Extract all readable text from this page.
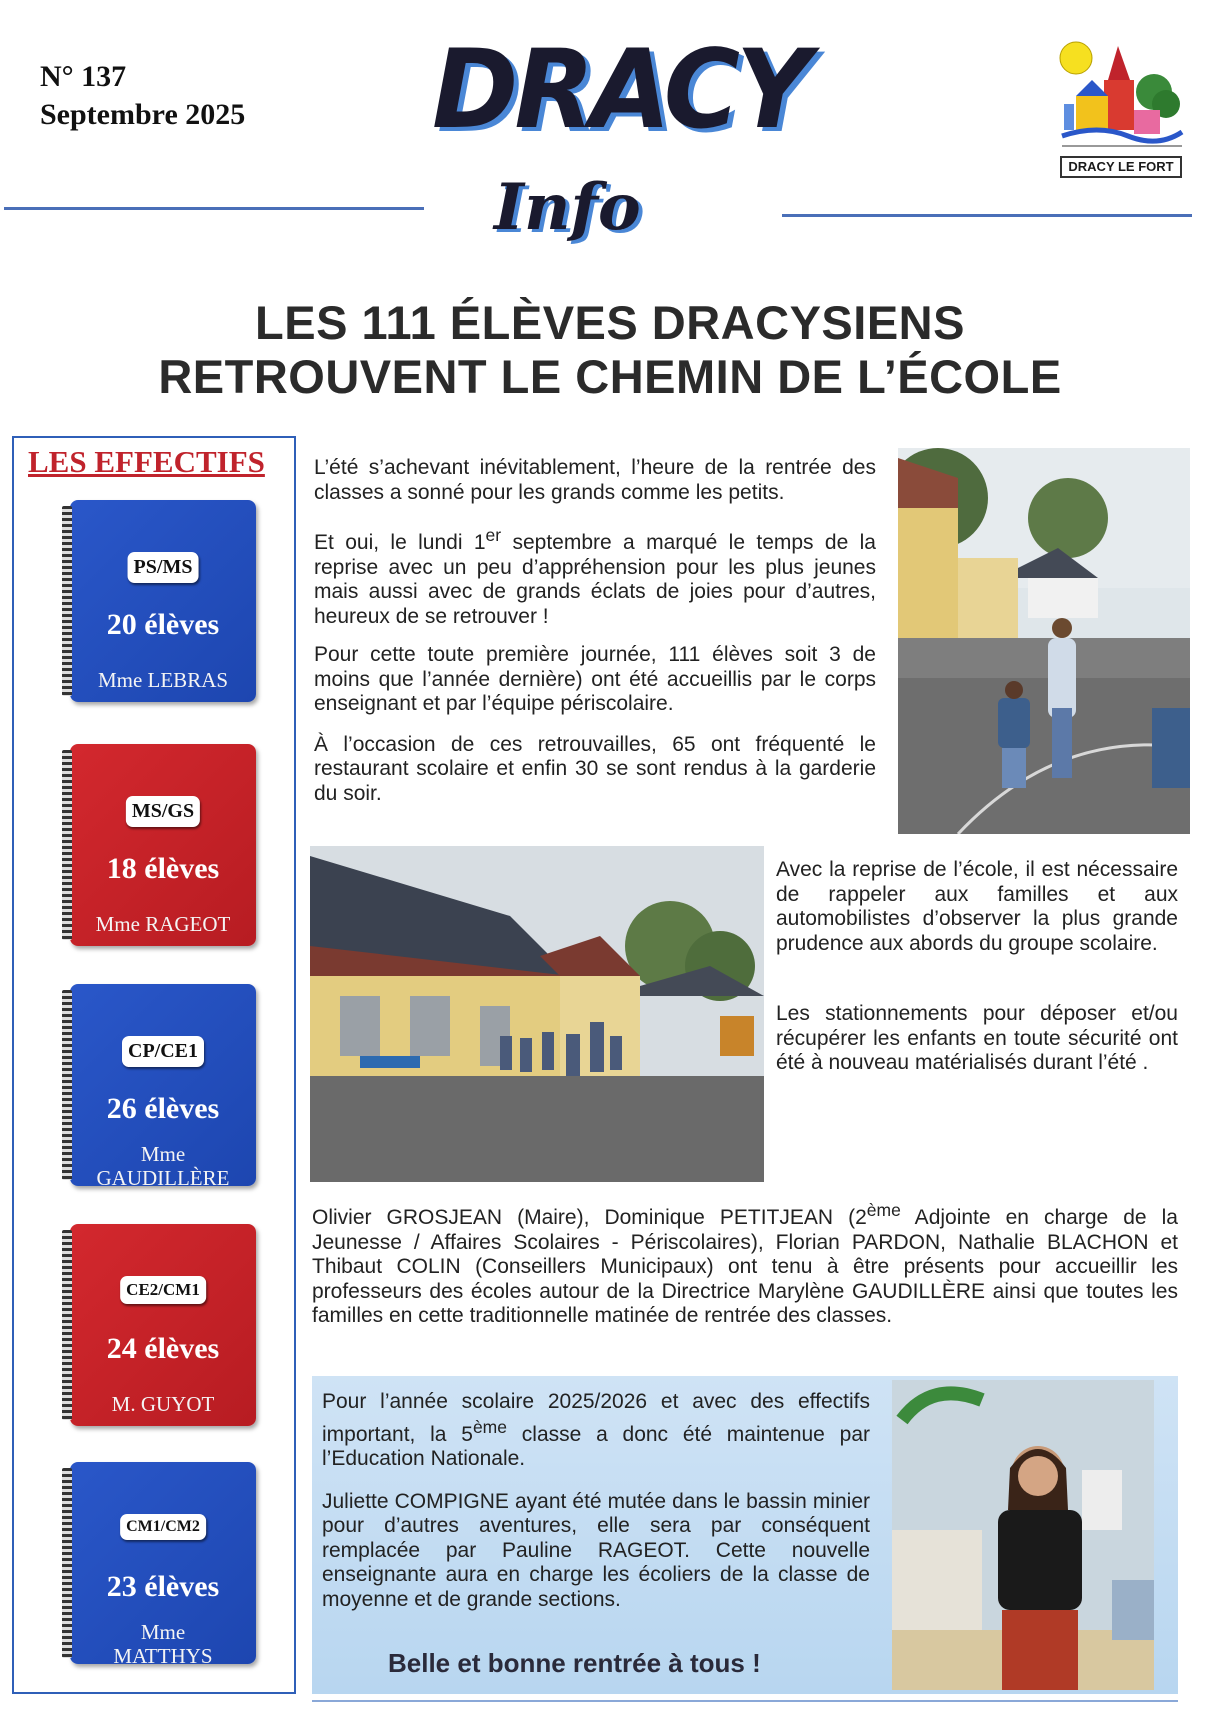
N° 137
Septembre 2025 DRACY
Info
DRACY LE FORT
LES 111 ÉLÈVES DRACYSIENS
RETROUVENT LE CHEMIN DE L’ÉCOLE
LES EFFECTIFS
PS/MS
20 élèves
Mme LEBRAS
MS/GS
18 élèves
Mme RAGEOT
CP/CE1
26 élèves
Mme
GAUDILLÈRE
CE2/CM1
24 élèves
M. GUYOT
CM1/CM2
23 élèves
Mme
MATTHYS

L’été s’achevant inévitablement, l’heure de la rentrée des classes a sonné pour les grands comme les petits.

Et oui, le lundi 1er septembre a marqué le temps de la reprise avec un peu d’appréhension pour les plus jeunes mais aussi avec de grands éclats de joies pour d’autres, heureux de se retrouver !

Pour cette toute première journée, 111 élèves soit 3 de moins que l’année dernière) ont été accueillis par le corps enseignant et par l’équipe périscolaire.

À l’occasion de ces retrouvailles, 65 ont fréquenté le restaurant scolaire et enfin 30 se sont rendus à la garderie du soir.

Avec la reprise de l’école, il est nécessaire de rappeler aux familles et aux automobilistes d’observer la plus grande prudence aux abords du groupe scolaire.

Les stationnements pour déposer et/ou récupérer les enfants en toute sécurité ont été à nouveau matérialisés durant l’été .

Olivier GROSJEAN (Maire), Dominique PETITJEAN (2ème Adjointe en charge de la Jeunesse / Affaires Scolaires - Périscolaires), Florian PARDON, Nathalie BLACHON et Thibaut COLIN (Conseillers Municipaux) ont tenu à être présents pour accueillir les professeurs des écoles autour de la Directrice Marylène GAUDILLÈRE ainsi que toutes les familles en cette traditionnelle matinée de rentrée des classes.

Pour l’année scolaire 2025/2026 et avec des effectifs important, la 5ème classe a donc été maintenue par l’Education Nationale.

Juliette COMPIGNE ayant été mutée dans le bassin minier pour d’autres aventures, elle sera par conséquent remplacée par Pauline RAGEOT. Cette nouvelle enseignante aura en charge les écoliers de la classe de moyenne et de grande sections.

Belle et bonne rentrée à tous !
